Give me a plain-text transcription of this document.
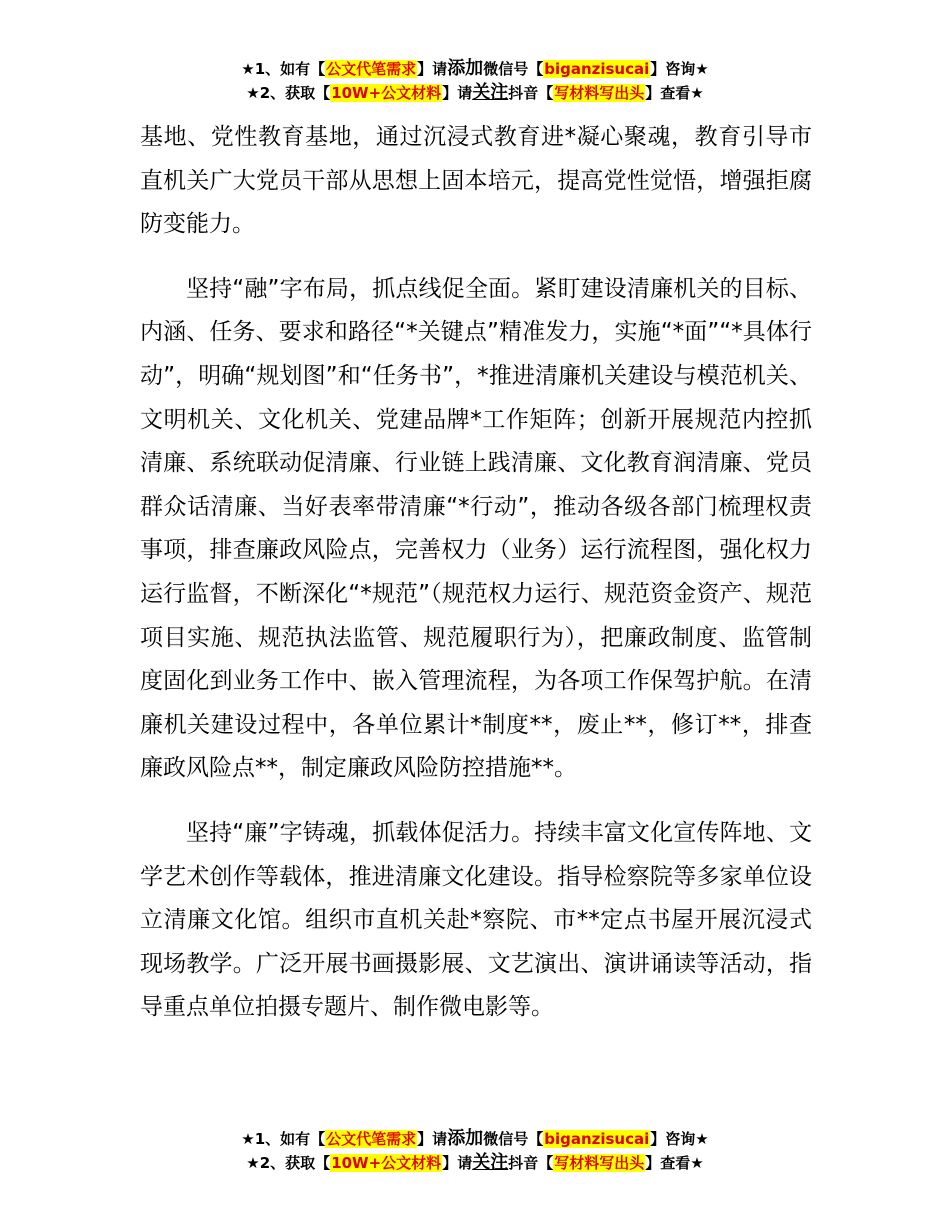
★1、如有【公文代笔需求】请添加微信号【biganzisucai】咨询★
★2、获取【10W+公文材料】请关注抖音【写材料写出头】查看★

基地、党性教育基地，通过沉浸式教育进*凝心聚魂，教育引导市直机关广大党员干部从思想上固本培元，提高党性觉悟，增强拒腐防变能力。

坚持“融”字布局，抓点线促全面。紧盯建设清廉机关的目标、内涵、任务、要求和路径“*关键点”精准发力，实施“*面”“*具体行动”，明确“规划图”和“任务书”，*推进清廉机关建设与模范机关、文明机关、文化机关、党建品牌*工作矩阵；创新开展规范内控抓清廉、系统联动促清廉、行业链上践清廉、文化教育润清廉、党员群众话清廉、当好表率带清廉“*行动”，推动各级各部门梳理权责事项，排查廉政风险点，完善权力（业务）运行流程图，强化权力运行监督，不断深化“*规范”（规范权力运行、规范资金资产、规范项目实施、规范执法监管、规范履职行为），把廉政制度、监管制度固化到业务工作中、嵌入管理流程，为各项工作保驾护航。在清廉机关建设过程中，各单位累计*制度**，废止**，修订**，排查廉政风险点**，制定廉政风险防控措施**。

坚持“廉”字铸魂，抓载体促活力。持续丰富文化宣传阵地、文学艺术创作等载体，推进清廉文化建设。指导检察院等多家单位设立清廉文化馆。组织市直机关赴*察院、市**定点书屋开展沉浸式现场教学。广泛开展书画摄影展、文艺演出、演讲诵读等活动，指导重点单位拍摄专题片、制作微电影等。

★1、如有【公文代笔需求】请添加微信号【biganzisucai】咨询★
★2、获取【10W+公文材料】请关注抖音【写材料写出头】查看★
